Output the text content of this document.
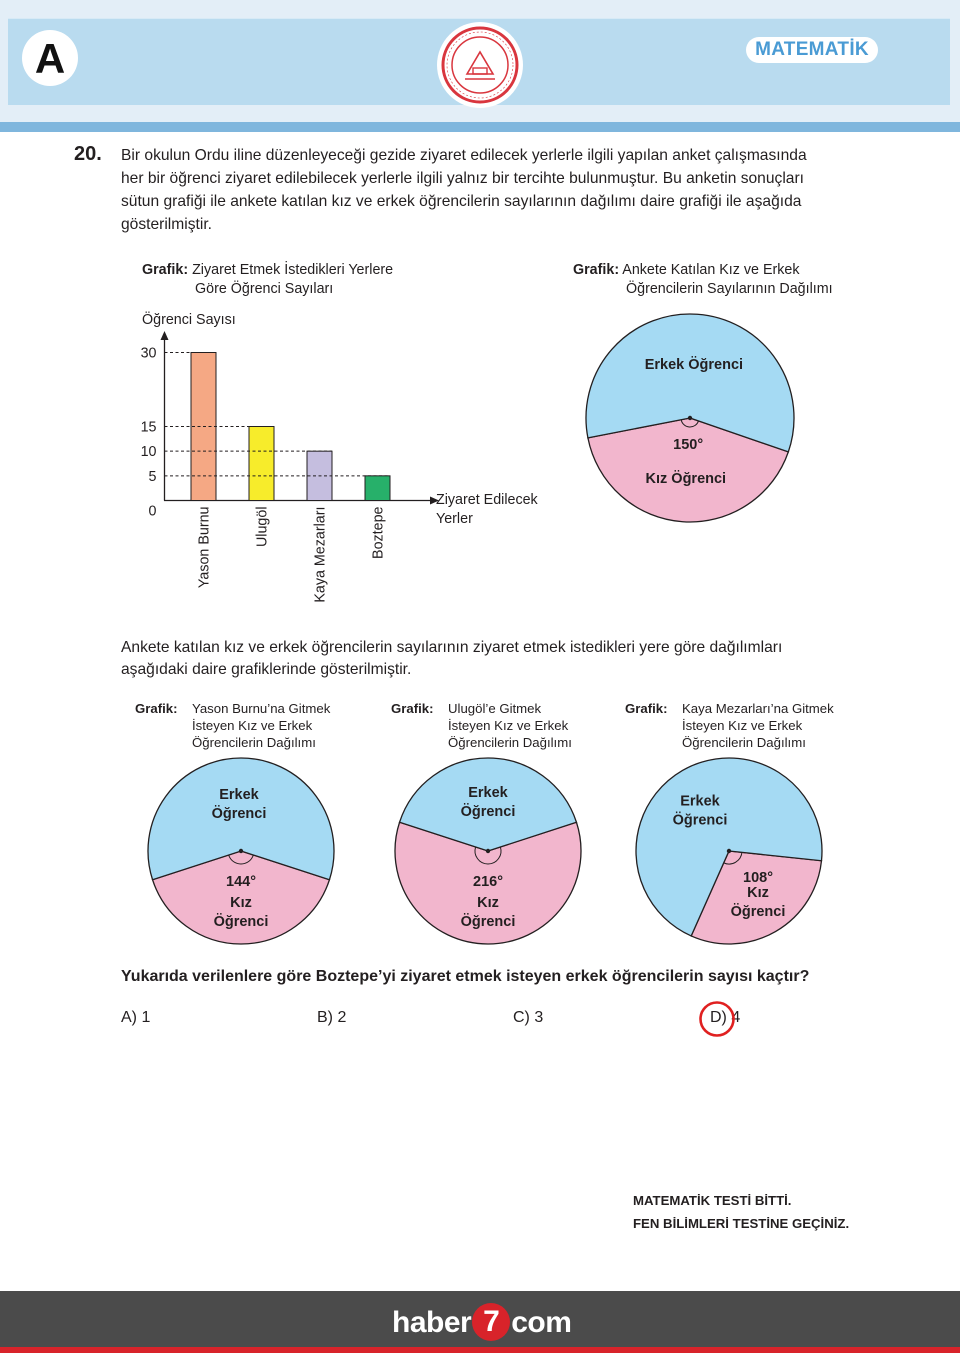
A	MATEMATİK
20. Bir okulun Ordu iline düzenleyeceği gezide ziyaret edilecek yerlerle ilgili yapılan anket çalışmasında
her bir öğrenci ziyaret edilebilecek yerlerle ilgili yalnız bir tercihte bulunmuştur. Bu anketin sonuçları
sütun grafiği ile ankete katılan kız ve erkek öğrencilerin sayılarının dağılımı daire grafiği ile aşağıda
gösterilmiştir.
Grafik: Ziyaret Etmek İstedikleri Yerlere
Göre Öğrenci Sayıları
Öğrenci Sayısı
Ziyaret Edilecek
Yerler
30
15
10
5
0	Yason Burnu	Ulugöl	Kaya Mezarları	Boztepe
Grafik: Ankete Katılan Kız ve Erkek
Öğrencilerin Sayılarının Dağılımı
150°
Kız Öğrenci
Erkek Öğrenci
Ankete katılan kız ve erkek öğrencilerin sayılarının ziyaret etmek istedikleri yere göre dağılımları
aşağıdaki daire grafiklerinde gösterilmiştir.
Grafik: Yason Burnu’na Gitmek
İsteyen Kız ve Erkek
Öğrencilerin Dağılımı
Grafik: Ulugöl’e Gitmek
İsteyen Kız ve Erkek
Öğrencilerin Dağılımı
Grafik: Kaya Mezarları’na Gitmek
İsteyen Kız ve Erkek
Öğrencilerin Dağılımı
144°
Kız
Öğrenci
Erkek
Öğrenci
216°
Kız
Öğrenci
Erkek
Öğrenci
108°
Kız
Öğrenci
Erkek
Öğrenci
Yukarıda verilenlere göre Boztepe’yi ziyaret etmek isteyen erkek öğrencilerin sayısı kaçtır?
A) 1	B) 2	C) 3	D) 4
MATEMATİK TESTİ BİTTİ.
FEN BİLİMLERİ TESTİNE GEÇİNİZ.
haber 7 com
